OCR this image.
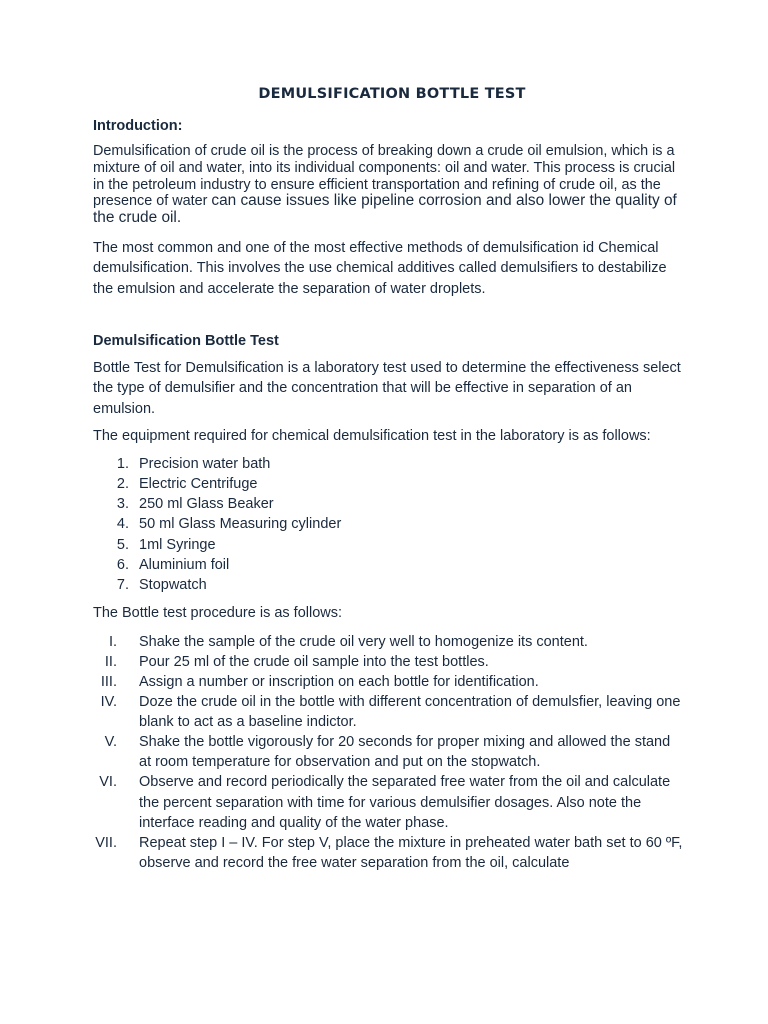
DEMULSIFICATION BOTTLE TEST
Introduction:

Demulsification of crude oil is the process of breaking down a crude oil emulsion, which is a mixture of oil and water, into its individual components: oil and water. This process is crucial in the petroleum industry to ensure efficient transportation and refining of crude oil, as the presence of water can cause issues like pipeline corrosion and also lower the quality of the crude oil.

The most common and one of the most effective methods of demulsification id Chemical demulsification. This involves the use chemical additives called demulsifiers to destabilize the emulsion and accelerate the separation of water droplets.

Demulsification Bottle Test

Bottle Test for Demulsification is a laboratory test used to determine the effectiveness select the type of demulsifier and the concentration that will be effective in separation of an emulsion.

The equipment required for chemical demulsification test in the laboratory is as follows:

1. Precision water bath
2. Electric Centrifuge
3. 250 ml Glass Beaker
4. 50 ml Glass Measuring cylinder
5. 1ml Syringe
6. Aluminium foil
7. Stopwatch

The Bottle test procedure is as follows:

I. Shake the sample of the crude oil very well to homogenize its content.
II. Pour 25 ml of the crude oil sample into the test bottles.
III. Assign a number or inscription on each bottle for identification.
IV. Doze the crude oil in the bottle with different concentration of demulsfier, leaving one blank to act as a baseline indictor.
V. Shake the bottle vigorously for 20 seconds for proper mixing and allowed the stand at room temperature for observation and put on the stopwatch.
VI. Observe and record periodically the separated free water from the oil and calculate the percent separation with time for various demulsifier dosages. Also note the interface reading and quality of the water phase.
VII. Repeat step I – IV. For step V, place the mixture in preheated water bath set to 60 ºF, observe and record the free water separation from the oil, calculate
